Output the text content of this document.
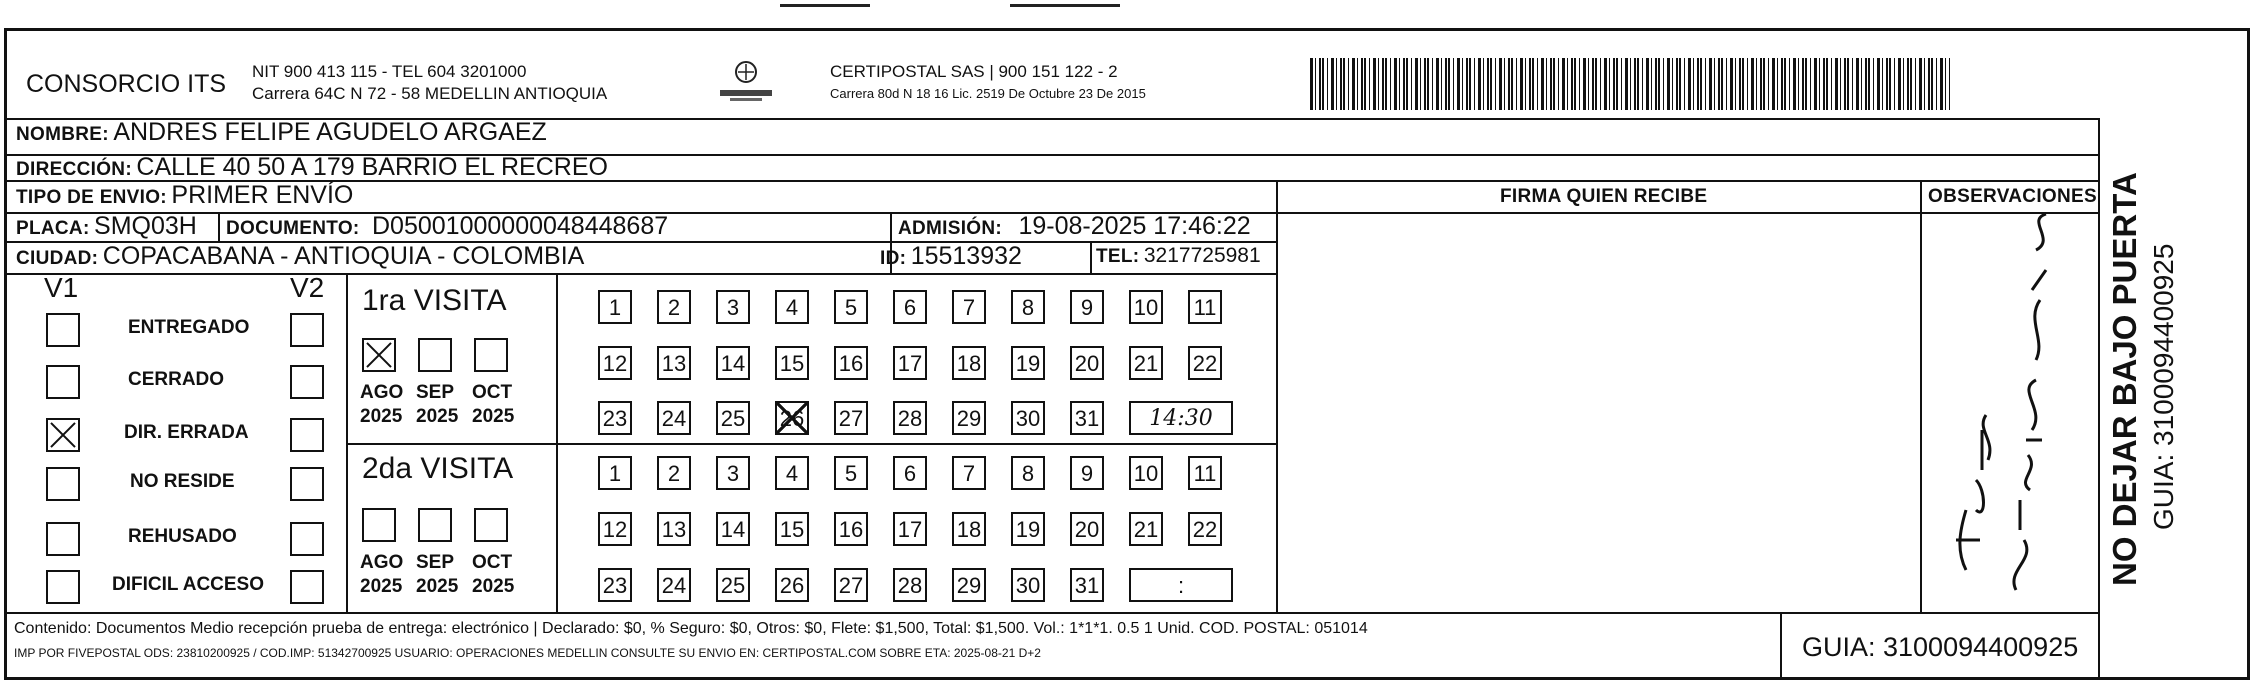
CONSORCIO ITS NIT 900 413 115 - TEL 604 3201000
Carrera 64C N 72 - 58 MEDELLIN ANTIOQUIA
CERTIPOSTAL SAS | 900 151 122 - 2
Carrera 80d N 18 16 Lic. 2519 De Octubre 23 De 2015
NOMBRE: ANDRES FELIPE AGUDELO ARGAEZ
DIRECCIÓN: CALLE 40 50 A 179 BARRIO EL RECREO
TIPO DE ENVIO: PRIMER ENVÍO	FIRMA QUIEN RECIBE	OBSERVACIONES
PLACA: SMQ03H DOCUMENTO: D05001000000048448687	ADMISIÓN: 19-08-2025 17:46:22
CIUDAD: COPACABANA - ANTIOQUIA - COLOMBIA	ID: 15513932	TEL: 3217725981
V1	V2
ENTREGADO
CERRADO
DIR. ERRADA
NO RESIDE
REHUSADO
DIFICIL ACCESO
1ra VISITA
2da VISITA
AGO
2025
SEP
2025
OCT
2025
AGO
2025
SEP
2025
OCT
2025
1	2	3	4	5	6	7	8	9	10 11
12 13 14 15 16 17 18 19 20 21 22
23 24 25 26 27 28 29 30 31	14:30
1	2	3	4	5	6	7	8	9	10 11
12 13 14 15 16 17 18 19 20 21 22
23 24 25 26 27 28 29 30 31	:	NO DEJAR BAJO PUERTA GUIA: 3100094400925
Contenido: Documentos Medio recepción prueba de entrega: electrónico | Declarado: $0, % Seguro: $0, Otros: $0, Flete: $1,500, Total: $1,500. Vol.: 1*1*1. 0.5 1 Unid. COD. POSTAL: 051014
IMP POR FIVEPOSTAL ODS: 23810200925 / COD.IMP: 51342700925 USUARIO: OPERACIONES MEDELLIN CONSULTE SU ENVIO EN: CERTIPOSTAL.COM SOBRE ETA: 2025-08-21 D+2	GUIA: 3100094400925
